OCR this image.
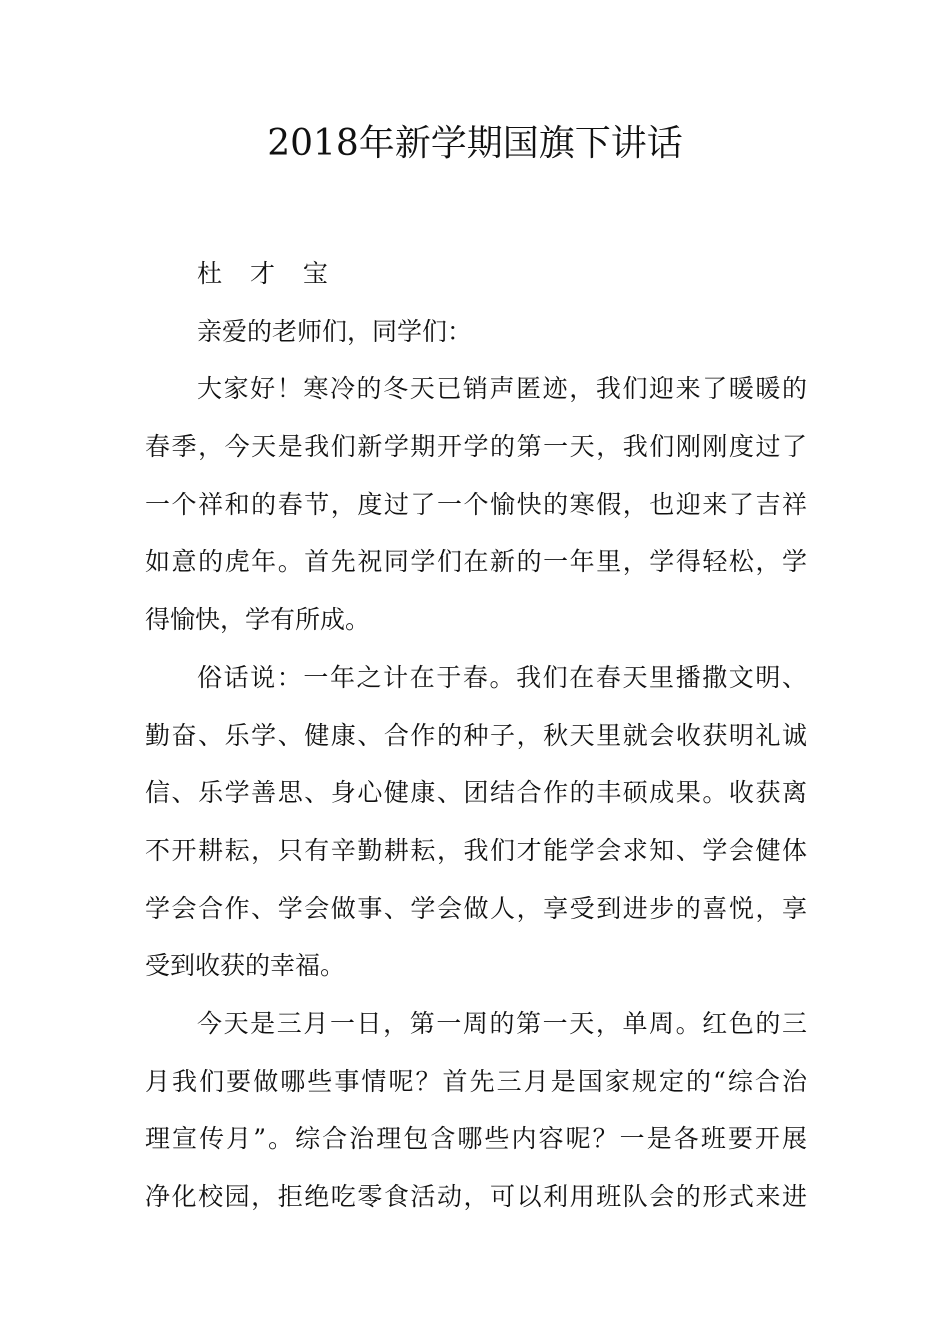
2018年新学期国旗下讲话
杜 才 宝
亲爱的老师们，同学们：
大家好！寒冷的冬天已销声匿迹，我们迎来了暖暖的
春季，今天是我们新学期开学的第一天，我们刚刚度过了
一个祥和的春节，度过了一个愉快的寒假，也迎来了吉祥
如意的虎年。首先祝同学们在新的一年里，学得轻松，学
得愉快，学有所成。
俗话说：一年之计在于春。我们在春天里播撒文明、
勤奋、乐学、健康、合作的种子，秋天里就会收获明礼诚
信、乐学善思、身心健康、团结合作的丰硕成果。收获离
不开耕耘，只有辛勤耕耘，我们才能学会求知、学会健体
学会合作、学会做事、学会做人，享受到进步的喜悦，享
受到收获的幸福。
今天是三月一日，第一周的第一天，单周。红色的三
月我们要做哪些事情呢？首先三月是国家规定的“综合治
理宣传月”。综合治理包含哪些内容呢？一是各班要开展
净化校园，拒绝吃零食活动，可以利用班队会的形式来进
